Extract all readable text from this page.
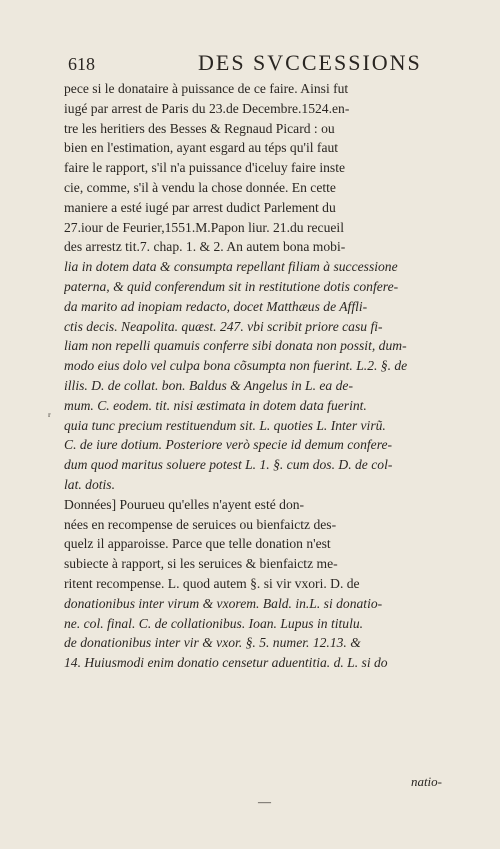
618	DES SVCCESSIONS
pece si le donataire à puissance de ce faire. Ainsi fut
iugé par arrest de Paris du 23.de Decembre.1524.en-
tre les heritiers des Besses & Regnaud Picard : ou
bien en l'estimation, ayant esgard au téps qu'il faut
faire le rapport, s'il n'a puissance d'iceluy faire inste
cie, comme, s'il à vendu la chose donnée. En cette
maniere a esté iugé par arrest dudict Parlement du
27.iour de Feurier,1551.M.Papon liur. 21.du recueil
des arrestz tit.7. chap. 1. & 2. An autem bona mobi-
lia in dotem data & consumpta repellant filiam à successione
paterna, & quid conferendum sit in restitutione dotis confere-
da marito ad inopiam redacto, docet Matthæus de Affli-
ctis decis. Neapolita. quæst. 247. vbi scribit priore casu fi-
liam non repelli quamuis conferre sibi donata non possit, dum-
modo eius dolo vel culpa bona cõsumpta non fuerint. L.2. §. de
illis. D. de collat. bon. Baldus & Angelus in L. ea de-
mum. C. eodem. tit. nisi æstimata in dotem data fuerint.
quia tunc precium restituendum sit. L. quoties L. Inter virũ.
C. de iure dotium. Posteriore verò specie id demum confere-
dum quod maritus soluere potest L. 1. §. cum dos. D. de col-
lat. dotis.
Données] Pourueu qu'elles n'ayent esté don-
nées en recompense de seruices ou bienfaictz des-
quelz il apparoisse. Parce que telle donation n'est
subiecte à rapport, si les seruices & bienfaictz me-
ritent recompense. L. quod autem §. si vir vxori. D. de
donationibus inter virum & vxorem. Bald. in.L. si donatio-
ne. col. final. C. de collationibus. Ioan. Lupus in titulu.
de donationibus inter vir & vxor. §. 5. numer. 12.13. &
14. Huiusmodi enim donatio censetur aduentitia. d. L. si do
ᵣ
natio-
—
